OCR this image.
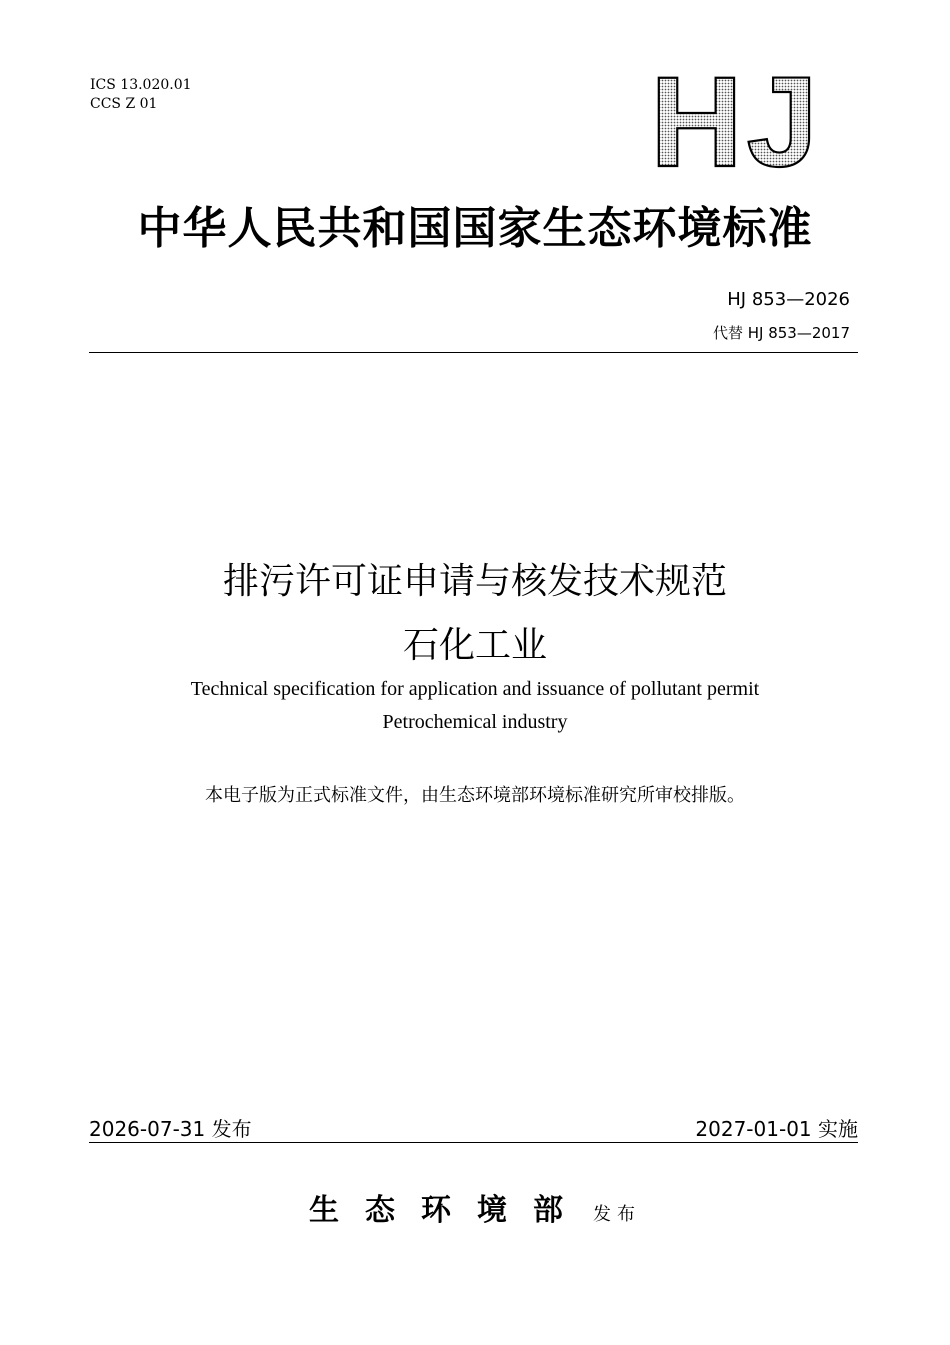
ICS 13.020.01
CCS Z 01	HJ
中华人民共和国国家生态环境标准
HJ 853—2026
代替 HJ 853—2017
排污许可证申请与核发技术规范
石化工业
Technical specification for application and issuance of pollutant permit
Petrochemical industry
本电子版为正式标准文件，由生态环境部环境标准研究所审校排版。
2026-07-31 发布	2027-01-01 实施
生态环境部 发布
